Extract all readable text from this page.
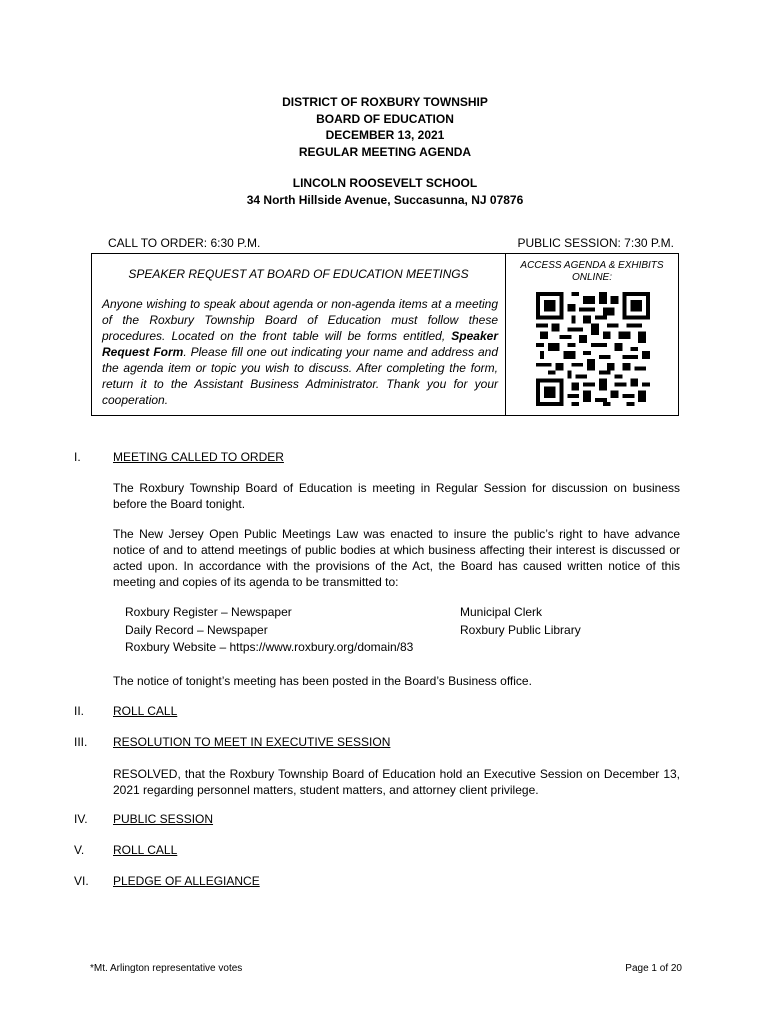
DISTRICT OF ROXBURY TOWNSHIP
BOARD OF EDUCATION
DECEMBER 13, 2021
REGULAR MEETING AGENDA
LINCOLN ROOSEVELT SCHOOL
34 North Hillside Avenue, Succasunna, NJ 07876
CALL TO ORDER: 6:30 P.M.	PUBLIC SESSION: 7:30 P.M.
SPEAKER REQUEST AT BOARD OF EDUCATION MEETINGS
Anyone wishing to speak about agenda or non-agenda items at a meeting of the Roxbury Township Board of Education must follow these procedures. Located on the front table will be forms entitled, Speaker Request Form. Please fill one out indicating your name and address and the agenda item or topic you wish to discuss. After completing the form, return it to the Assistant Business Administrator. Thank you for your cooperation.
ACCESS AGENDA & EXHIBITS
ONLINE:
I.	MEETING CALLED TO ORDER
The Roxbury Township Board of Education is meeting in Regular Session for discussion on business before the Board tonight.
The New Jersey Open Public Meetings Law was enacted to insure the public’s right to have advance notice of and to attend meetings of public bodies at which business affecting their interest is discussed or acted upon. In accordance with the provisions of the Act, the Board has caused written notice of this meeting and copies of its agenda to be transmitted to:
Roxbury Register – Newspaper
Daily Record – Newspaper
Roxbury Website – https://www.roxbury.org/domain/83
Municipal Clerk
Roxbury Public Library
The notice of tonight’s meeting has been posted in the Board’s Business office.
II.	ROLL CALL
III.	RESOLUTION TO MEET IN EXECUTIVE SESSION
RESOLVED, that the Roxbury Township Board of Education hold an Executive Session on December 13, 2021 regarding personnel matters, student matters, and attorney client privilege.
IV.	PUBLIC SESSION
V.	ROLL CALL
VI. PLEDGE OF ALLEGIANCE
*Mt. Arlington representative votes	Page 1 of 20
